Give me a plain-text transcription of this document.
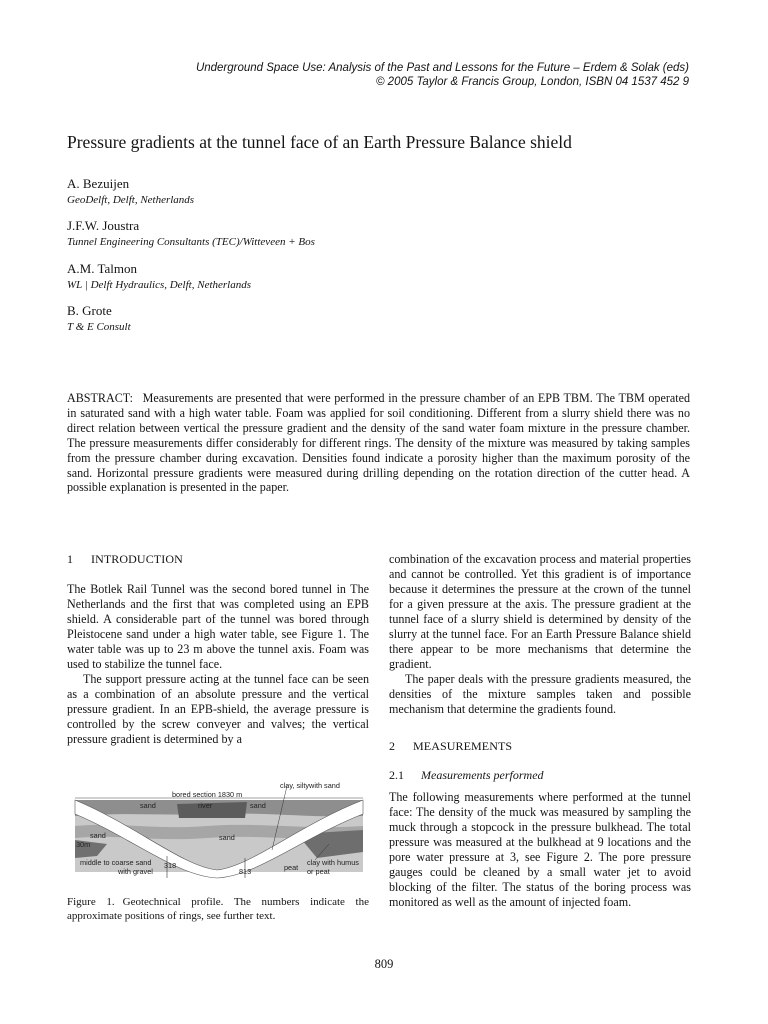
Underground Space Use: Analysis of the Past and Lessons for the Future – Erdem & Solak (eds)
© 2005 Taylor & Francis Group, London, ISBN 04 1537 452 9
Pressure gradients at the tunnel face of an Earth Pressure Balance shield
A. Bezuijen
GeoDelft, Delft, Netherlands
J.F.W. Joustra
Tunnel Engineering Consultants (TEC)/Witteveen + Bos
A.M. Talmon
WL | Delft Hydraulics, Delft, Netherlands
B. Grote
T & E Consult
ABSTRACT: Measurements are presented that were performed in the pressure chamber of an EPB TBM. The TBM operated in saturated sand with a high water table. Foam was applied for soil conditioning. Different from a slurry shield there was no direct relation between vertical the pressure gradient and the density of the sand water foam mixture in the pressure chamber. The pressure measurements differ considerably for different rings. The density of the mixture was measured by taking samples from the pressure chamber during excavation. Densities found indicate a porosity higher than the maximum porosity of the sand. Horizontal pressure gradients were measured during drilling depending on the rotation direction of the cutter head. A possible explanation is presented in the paper.
1 INTRODUCTION

The Botlek Rail Tunnel was the second bored tunnel in The Netherlands and the first that was completed using an EPB shield. A considerable part of the tunnel was bored through Pleistocene sand under a high water table, see Figure 1. The water table was up to 23 m above the tunnel axis. Foam was used to stabilize the tunnel face.

The support pressure acting at the tunnel face can be seen as a combination of an absolute pressure and the vertical pressure gradient. In an EPB-shield, the average pressure is controlled by the screw conveyer and valves; the vertical pressure gradient is determined by a

clay, siltywith sand
bored section 1830 m
sand	river	sand
sand
30m
sand
middle to coarse sand
with gravel
318
813	peat
clay with humus
or peat
Figure 1. Geotechnical profile. The numbers indicate the approximate positions of rings, see further text.

combination of the excavation process and material properties and cannot be controlled. Yet this gradient is of importance because it determines the pressure at the crown of the tunnel for a given pressure at the axis. The pressure gradient at the tunnel face of a slurry shield is determined by density of the slurry at the tunnel face. For an Earth Pressure Balance shield there appear to be more mechanisms that determine the gradient.

The paper deals with the pressure gradients measured, the densities of the mixture samples taken and possible mechanism that determine the gradients found.

2 MEASUREMENTS
2.1 Measurements performed

The following measurements where performed at the tunnel face: The density of the muck was measured by sampling the muck through a stopcock in the pressure bulkhead. The total pressure was measured at the bulkhead at 9 locations and the pore water pressure at 3, see Figure 2. The pore pressure gauges could be cleaned by a small water jet to avoid blocking of the filter. The status of the boring process was monitored as well as the amount of injected foam.

809
